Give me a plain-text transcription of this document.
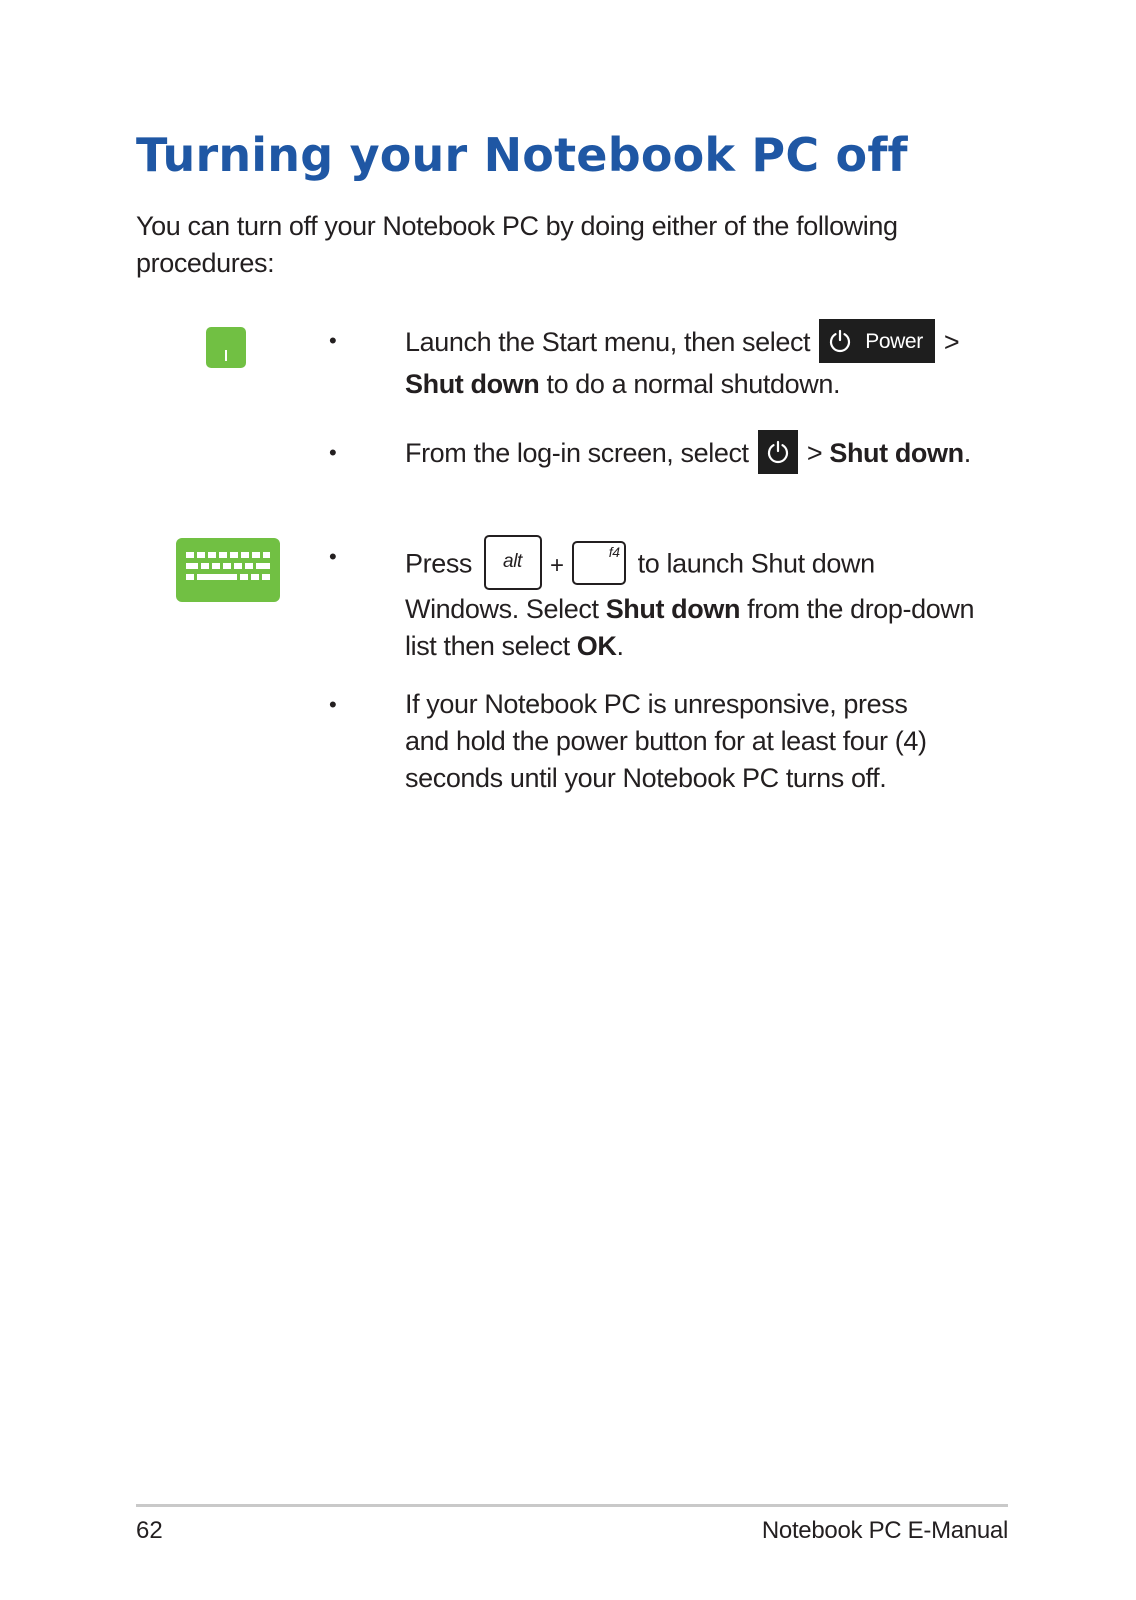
Turning your Notebook PC off

You can turn off your Notebook PC by doing either of the following procedures:

•	Launch the Start menu, then select	Power >

Shut down to do a normal shutdown.

•	From the log-in screen, select
> Shut down.

•	Press alt +
f4 to launch Shut down

Windows. Select Shut down from the drop-down

list then select OK.

•	If your Notebook PC is unresponsive, press

and hold the power button for at least four (4)

seconds until your Notebook PC turns off.

62	Notebook PC E-Manual
